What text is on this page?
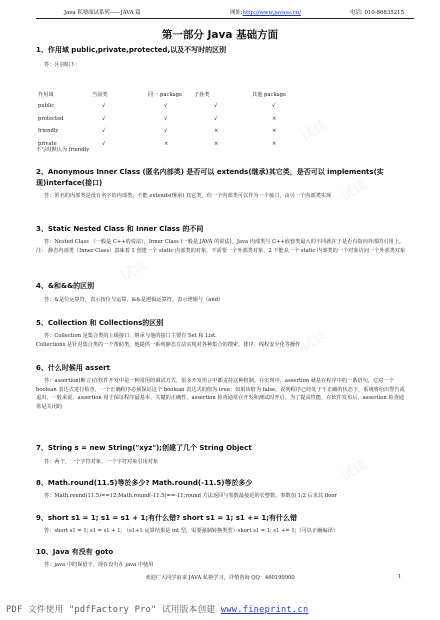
试读
试读
试读
试读
试读
Java 私塾面试系列——JAVA 篇	网址:http://www.javass.cn/	电话: 010-86835215
第一部分 Java 基础方面
1、作用域 public,private,protected,以及不写时的区别
答：区别如下：
作用域	当前类	同一 package 子孙类	其他 package
public	√	√	√	√
protected	√	√	√	×
friendly	√	√	×	×
private	√	×	×	×
不写时默认为 friendly
2、Anonymous Inner Class (匿名内部类) 是否可以 extends(继承)其它类，是否可以 implements(实现)interface(接口)
答：匿名的内部类是没有名字的内部类。不能 extends(继承) 其它类，但一个内部类可以作为一个接口，由另一个内部类实现
3、Static Nested Class 和 Inner Class 的不同
答：Nested Class （一般是 C++的说法），Inner Class (一般是 JAVA 的说法)。Java 内部类与 C++嵌套类最大的不同就在于是否有指向外部的引用上。注： 静态内部类（Inner Class）意味着 1 创建一个 static 内部类的对象，不需要一个外部类对象，2 不能从一个 static 内部类的一个对象访问一个外部类对象
4、&和&&的区别
答：&是位运算符，表示按位与运算，&&是逻辑运算符，表示逻辑与（and）
5、Collection 和 Collections的区别
答：Collection 是集合类的上级接口，继承与他的接口主要有 Set 和 List.
Collections 是针对集合类的一个帮助类，他提供一系列静态方法实现对各种集合的搜索、排序、线程安全化等操作
6、什么时候用 assert
答：assertion(断言)在软件开发中是一种常用的调试方式，很多开发语言中都支持这种机制。在实现中，assertion 就是在程序中的一条语句，它对一个 boolean 表达式进行检查，一个正确程序必须保证这个 boolean 表达式的值为 true；如果该值为 false，说明程序已经处于不正确的状态下，系统将给出警告或退出。一般来说，assertion 用于保证程序最基本、关键的正确性。assertion 检查通常在开发和测试时开启。为了提高性能，在软件发布后，assertion 检查通常是关闭的
7、String s = new String("xyz");创建了几个 String Object
答：两个，一个字符对象，一个字符对象引用对象
8、Math.round(11.5)等於多少? Math.round(-11.5)等於多少
答：Math.round(11.5)==12;Math.round(-11.5)==-11;round 方法返回与参数最接近的长整数，参数加 1/2 后求其 floor
9、short s1 = 1; s1 = s1 + 1;有什么错? short s1 = 1; s1 += 1;有什么错
答：short s1 = 1; s1 = s1 + 1; （s1+1 运算结果是 int 型，需要强制转换类型）short s1 = 1; s1 += 1;（可以正确编译）
10、Java 有没有 goto
答：java 中的保留字，现在没有在 java 中使用
欢迎广大同学前来 JAVA 私塾学习，详情咨询 QQ：460190900	1
PDF 文件使用 "pdfFactory Pro" 试用版本创建 www.fineprint.cn
